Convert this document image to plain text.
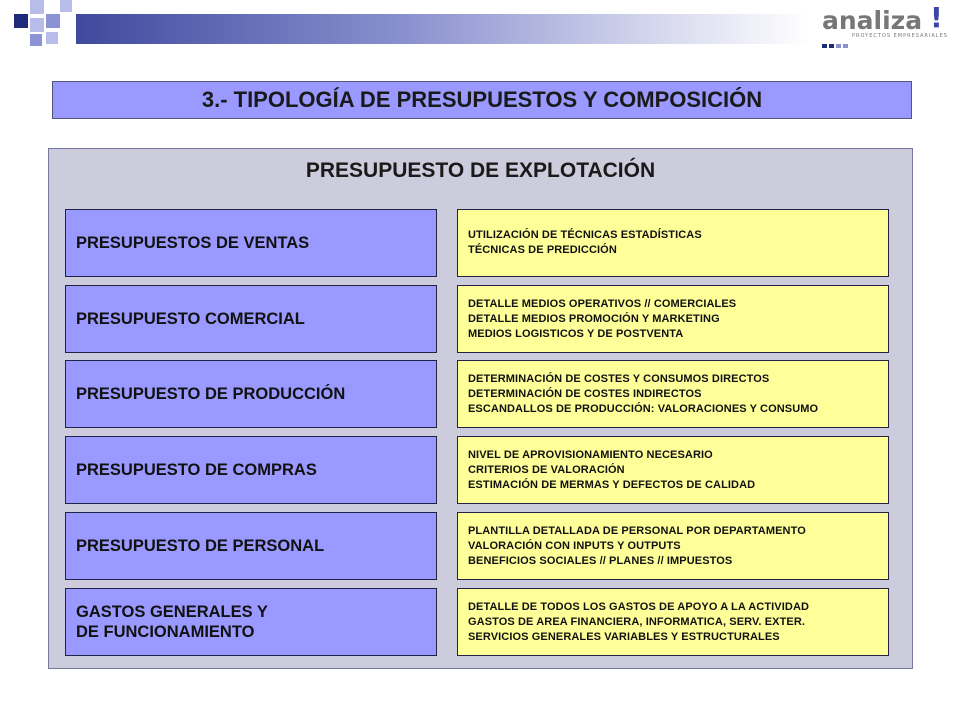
analiza !
PROYECTOS EMPRESARIALES
3.- TIPOLOGÍA DE PRESUPUESTOS Y COMPOSICIÓN
PRESUPUESTO DE EXPLOTACIÓN
PRESUPUESTOS DE VENTAS	UTILIZACIÓN DE TÉCNICAS ESTADÍSTICAS
TÉCNICAS DE PREDICCIÓN
PRESUPUESTO COMERCIAL
DETALLE MEDIOS OPERATIVOS // COMERCIALES
DETALLE MEDIOS PROMOCIÓN Y MARKETING
MEDIOS LOGISTICOS Y DE POSTVENTA
PRESUPUESTO DE PRODUCCIÓN
DETERMINACIÓN DE COSTES Y CONSUMOS DIRECTOS
DETERMINACIÓN DE COSTES INDIRECTOS
ESCANDALLOS DE PRODUCCIÓN: VALORACIONES Y CONSUMO
PRESUPUESTO DE COMPRAS
NIVEL DE APROVISIONAMIENTO NECESARIO
CRITERIOS DE VALORACIÓN
ESTIMACIÓN DE MERMAS Y DEFECTOS DE CALIDAD
PRESUPUESTO DE PERSONAL
PLANTILLA DETALLADA DE PERSONAL POR DEPARTAMENTO
VALORACIÓN CON INPUTS Y OUTPUTS
BENEFICIOS SOCIALES // PLANES // IMPUESTOS
GASTOS GENERALES Y
DE FUNCIONAMIENTO
DETALLE DE TODOS LOS GASTOS DE APOYO A LA ACTIVIDAD
GASTOS DE AREA FINANCIERA, INFORMATICA, SERV. EXTER.
SERVICIOS GENERALES VARIABLES Y ESTRUCTURALES
